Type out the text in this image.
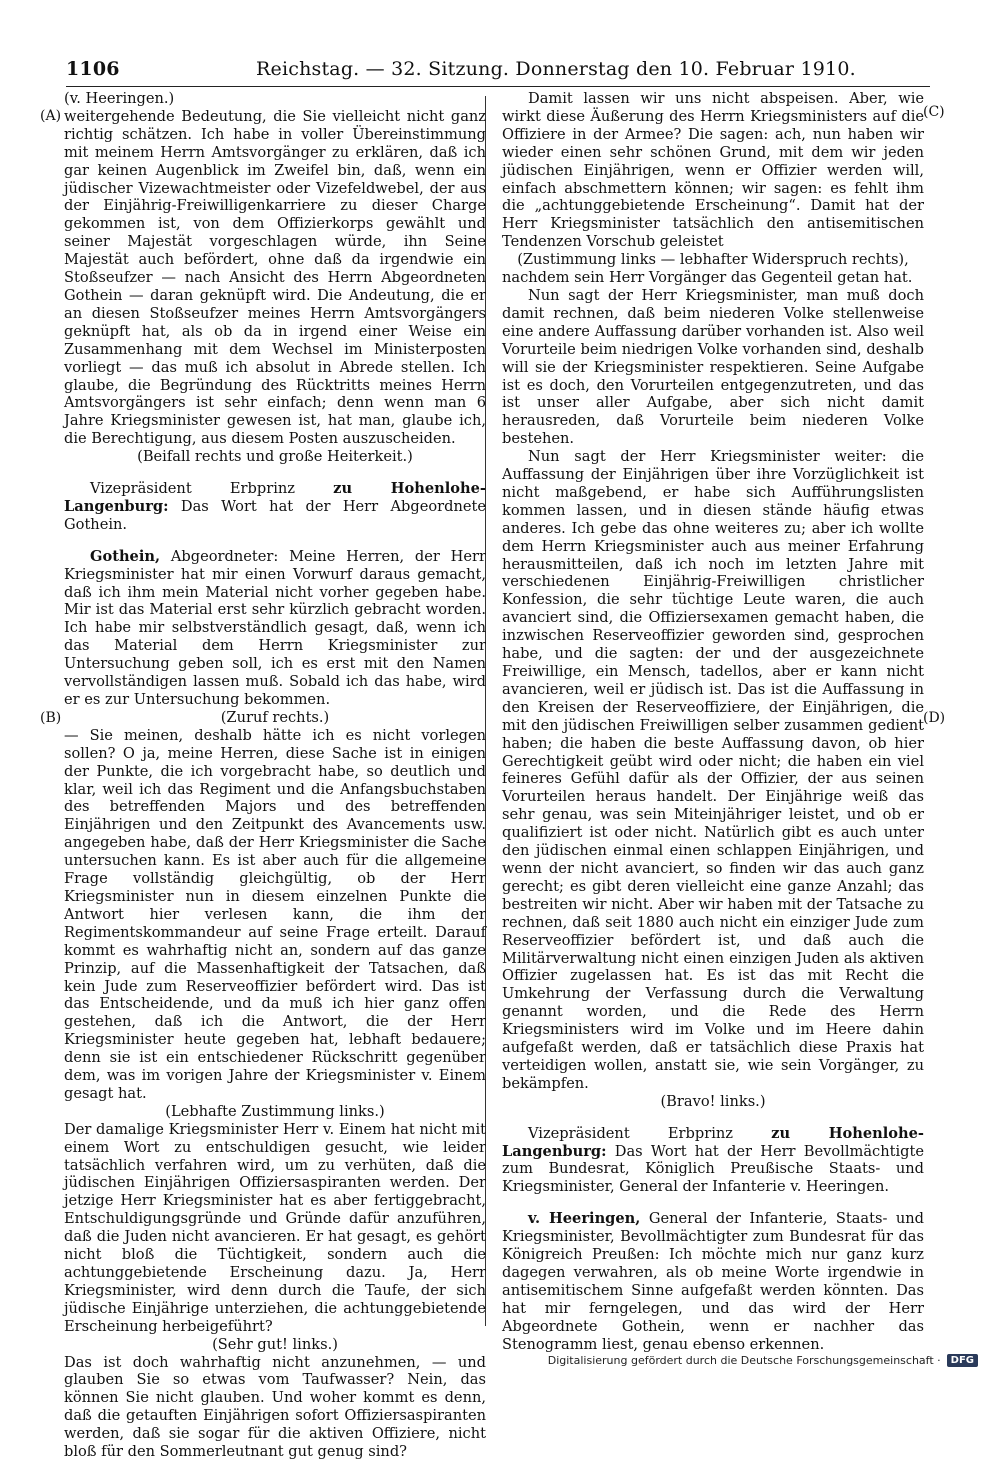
1106	Reichstag. — 32. Sitzung. Donnerstag den 10. Februar 1910.
(A)
(B)
(C)
(D)

(v. Heeringen.)

weitergehende Bedeutung, die Sie vielleicht nicht ganz richtig schätzen. Ich habe in voller Übereinstimmung mit meinem Herrn Amtsvorgänger zu erklären, daß ich gar keinen Augenblick im Zweifel bin, daß, wenn ein jüdischer Vizewachtmeister oder Vizefeldwebel, der aus der Einjährig-Freiwilligenkarriere zu dieser Charge gekommen ist, von dem Offizierkorps gewählt und seiner Majestät vorgeschlagen würde, ihn Seine Majestät auch befördert, ohne daß da irgendwie ein Stoßseufzer — nach Ansicht des Herrn Abgeordneten Gothein — daran geknüpft wird. Die Andeutung, die er an diesen Stoßseufzer meines Herrn Amtsvorgängers geknüpft hat, als ob da in irgend einer Weise ein Zusammenhang mit dem Wechsel im Ministerposten vorliegt — das muß ich absolut in Abrede stellen. Ich glaube, die Begründung des Rücktritts meines Herrn Amtsvorgängers ist sehr einfach; denn wenn man 6 Jahre Kriegsminister gewesen ist, hat man, glaube ich, die Berechtigung, aus diesem Posten auszuscheiden.

(Beifall rechts und große Heiterkeit.)

Vizepräsident Erbprinz	zu Hohenlohe-Langenburg: Das Wort hat der Herr Abgeordnete Gothein.

Gothein, Abgeordneter: Meine Herren, der Herr Kriegsminister hat mir einen Vorwurf daraus gemacht, daß ich ihm mein Material nicht vorher gegeben habe. Mir ist das Material erst sehr kürzlich gebracht worden. Ich habe mir selbstverständlich gesagt, daß, wenn ich das Material dem Herrn Kriegsminister zur Untersuchung geben soll, ich es erst mit den Namen vervollständigen lassen muß. Sobald ich das habe, wird er es zur Untersuchung bekommen.

(Zuruf rechts.)

— Sie meinen, deshalb hätte ich es nicht vorlegen sollen? O ja, meine Herren, diese Sache ist in einigen der Punkte, die ich vorgebracht habe, so deutlich und klar, weil ich das Regiment und die Anfangsbuchstaben des betreffenden Majors und des betreffenden Einjährigen und den Zeitpunkt des Avancements usw. angegeben habe, daß der Herr Kriegsminister die Sache untersuchen kann. Es ist aber auch für die allgemeine Frage vollständig gleichgültig, ob der Herr Kriegsminister nun in diesem einzelnen Punkte die Antwort hier verlesen kann, die ihm der Regimentskommandeur auf seine Frage erteilt. Darauf kommt es wahrhaftig nicht an, sondern auf das ganze Prinzip, auf die Massenhaftigkeit der Tatsachen, daß kein Jude zum Reserveoffizier befördert wird. Das ist das Entscheidende, und da muß ich hier ganz offen gestehen, daß ich die Antwort, die der Herr Kriegsminister heute gegeben hat, lebhaft bedauere; denn sie ist ein entschiedener Rückschritt gegenüber dem, was im vorigen Jahre der Kriegsminister v. Einem gesagt hat.

(Lebhafte Zustimmung links.)

Der damalige Kriegsminister Herr v. Einem hat nicht mit einem Wort zu entschuldigen gesucht, wie leider tatsächlich verfahren wird, um zu verhüten, daß die jüdischen Einjährigen Offiziersaspiranten werden. Der jetzige Herr Kriegsminister hat es aber fertiggebracht, Entschuldigungsgründe und Gründe dafür anzuführen, daß die Juden nicht avancieren. Er hat gesagt, es gehört nicht bloß die Tüchtigkeit, sondern auch die achtunggebietende Erscheinung dazu. Ja, Herr Kriegsminister, wird denn durch die Taufe, der sich jüdische Einjährige unterziehen, die achtunggebietende Erscheinung herbeigeführt?

(Sehr gut! links.)

Das ist doch wahrhaftig nicht anzunehmen, — und glauben Sie so etwas vom Taufwasser? Nein, das können Sie nicht glauben. Und woher kommt es denn, daß die getauften Einjährigen sofort Offiziersaspiranten werden, daß sie sogar für die aktiven Offiziere, nicht bloß für den Sommerleutnant gut genug sind?

Damit lassen wir uns nicht abspeisen. Aber, wie wirkt diese Äußerung des Herrn Kriegsministers auf die Offiziere in der Armee? Die sagen: ach, nun haben wir wieder einen sehr schönen Grund, mit dem wir jeden jüdischen Einjährigen, wenn er Offizier werden will, einfach abschmettern können; wir sagen: es fehlt ihm die „achtunggebietende Erscheinung“. Damit hat der Herr Kriegsminister tatsächlich den antisemitischen Tendenzen Vorschub geleistet

(Zustimmung links — lebhafter Widerspruch rechts),

nachdem sein Herr Vorgänger das Gegenteil getan hat.

Nun sagt der Herr Kriegsminister, man muß doch damit rechnen, daß beim niederen Volke stellenweise eine andere Auffassung darüber vorhanden ist. Also weil Vorurteile beim niedrigen Volke vorhanden sind, deshalb will sie der Kriegsminister respektieren. Seine Aufgabe ist es doch, den Vorurteilen entgegenzutreten, und das ist unser aller Aufgabe, aber sich nicht damit herausreden, daß Vorurteile beim niederen Volke bestehen.

Nun sagt der Herr Kriegsminister weiter: die Auffassung der Einjährigen über ihre Vorzüglichkeit ist nicht maßgebend, er habe sich Aufführungslisten kommen lassen, und in diesen stände häufig etwas anderes. Ich gebe das ohne weiteres zu; aber ich wollte dem Herrn Kriegsminister auch aus meiner Erfahrung herausmitteilen, daß ich noch im letzten Jahre mit verschiedenen Einjährig-Freiwilligen christlicher Konfession, die sehr tüchtige Leute waren, die auch avanciert sind, die Offiziersexamen gemacht haben, die inzwischen Reserveoffizier geworden sind, gesprochen habe, und die sagten: der und der ausgezeichnete Freiwillige, ein Mensch, tadellos, aber er kann nicht avancieren, weil er jüdisch ist. Das ist die Auffassung in den Kreisen der Reserveoffiziere, der Einjährigen, die mit den jüdischen Freiwilligen selber zusammen gedient haben; die haben die beste Auffassung davon, ob hier Gerechtigkeit geübt wird oder nicht; die haben ein viel feineres Gefühl dafür als der Offizier, der aus seinen Vorurteilen heraus handelt. Der Einjährige weiß das sehr genau, was sein Miteinjähriger leistet, und ob er qualifiziert ist oder nicht. Natürlich gibt es auch unter den jüdischen einmal einen schlappen Einjährigen, und wenn der nicht avanciert, so finden wir das auch ganz gerecht; es gibt deren vielleicht eine ganze Anzahl; das bestreiten wir nicht. Aber wir haben mit der Tatsache zu rechnen, daß seit 1880 auch nicht ein einziger Jude zum Reserveoffizier befördert ist, und daß auch die Militärverwaltung nicht einen einzigen Juden als aktiven Offizier zugelassen hat. Es ist das mit Recht die Umkehrung der Verfassung durch die Verwaltung genannt worden, und die Rede des Herrn Kriegsministers wird im Volke und im Heere dahin aufgefaßt werden, daß er tatsächlich diese Praxis hat verteidigen wollen, anstatt sie, wie sein Vorgänger, zu bekämpfen.

(Bravo! links.)

Vizepräsident Erbprinz	zu Hohenlohe-Langenburg: Das Wort hat der Herr Bevollmächtigte zum Bundesrat, Königlich Preußische Staats- und Kriegsminister, General der Infanterie v. Heeringen.

v. Heeringen, General der Infanterie, Staats- und Kriegsminister, Bevollmächtigter zum Bundesrat für das Königreich Preußen: Ich möchte mich nur ganz kurz dagegen verwahren, als ob meine Worte irgendwie in antisemitischem Sinne aufgefaßt werden könnten. Das hat mir ferngelegen, und das wird der Herr Abgeordnete Gothein, wenn er nachher das Stenogramm liest, genau ebenso erkennen.

Digitalisierung gefördert durch die Deutsche Forschungsgemeinschaft ·	DFG
